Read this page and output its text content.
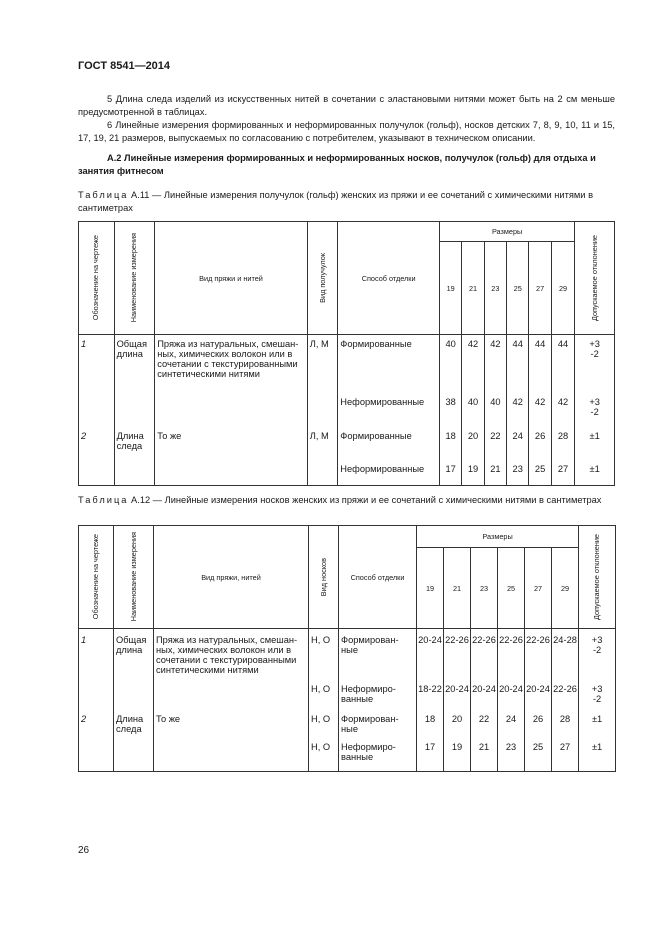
ГОСТ 8541—2014
5 Длина следа изделий из искусственных нитей в сочетании с эластановыми нитями может быть на 2 см меньше предусмотренной в таблицах.
6 Линейные измерения формированных и неформированных получулок (гольф), носков детских 7, 8, 9, 10, 11 и 15, 17, 19, 21 размеров, выпускаемых по согласованию с потребителем, указывают в техническом описании.
А.2 Линейные измерения формированных и неформированных носков, получулок (гольф) для отдыха и занятия фитнесом
Таблица А.11 — Линейные измерения получулок (гольф) женских из пряжи и ее сочетаний с химическими нитями в сантиметрах
Обозначение на чертеже	Наименование измерения	Вид пряжи и нитей	Вид получулок	Способ отделки	Размеры						Допускаемое отклонение

					19	21	23	25	27	29	
1	Общая длина	Пряжа из натуральных, смешан-ных, химических волокон или в сочетании с текстурированными синтетическими нитями	Л, М	Формированные	40	42	42	44	44	44	+3
-2
				Неформированные	38	40	40	42	42	42	+3
-2
2	Длина следа	То же	Л, М	Формированные	18	20	22	24	26	28	±1
				Неформированные	17	19	21	23	25	27	±1
Таблица А.12 — Линейные измерения носков женских из пряжи и ее сочетаний с химическими нитями в сантиметрах
Обозначение на чертеже	Наименование измерения	Вид пряжи, нитей	Вид носков	Способ отделки	Размеры						Допускаемое отклонение

					19	21	23	25	27	29	
1	Общая длина	Пряжа из натуральных, смешан-ных, химических волокон или в сочетании с текстурированными синтетическими нитями	Н, О	Формирован-ные	20-24	22-26	22-26	22-26	22-26	24-28	+3
-2
			Н, О	Неформиро-ванные	18-22	20-24	20-24	20-24	20-24	22-26	+3
-2
2	Длина следа	То же	Н, О	Формирован-ные	18	20	22	24	26	28	±1
			Н, О	Неформиро-ванные	17	19	21	23	25	27	±1
26
